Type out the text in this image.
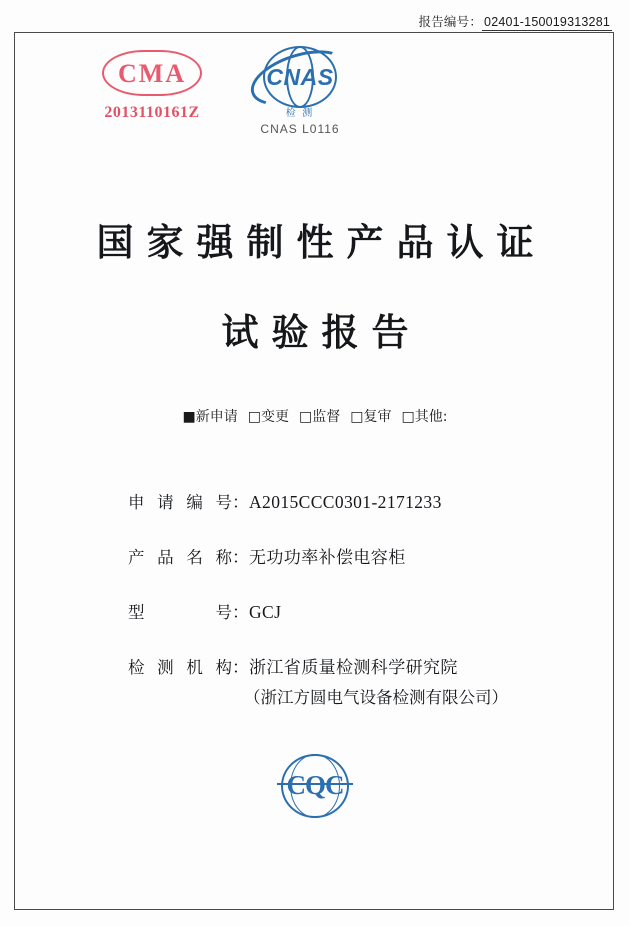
报告编号： 02401-150019313281
CMA
2013110161Z
CNAS
检 测
CNAS L0116
国家强制性产品认证
试验报告
■新申请 □变更 □监督 □复审 □其他:
申请编号 ： A2015CCC0301-2171233
产品名称 ： 无功功率补偿电容柜
型号 ： GCJ
检测机构 ： 浙江省质量检测科学研究院
（浙江方圆电气设备检测有限公司）
CQC
